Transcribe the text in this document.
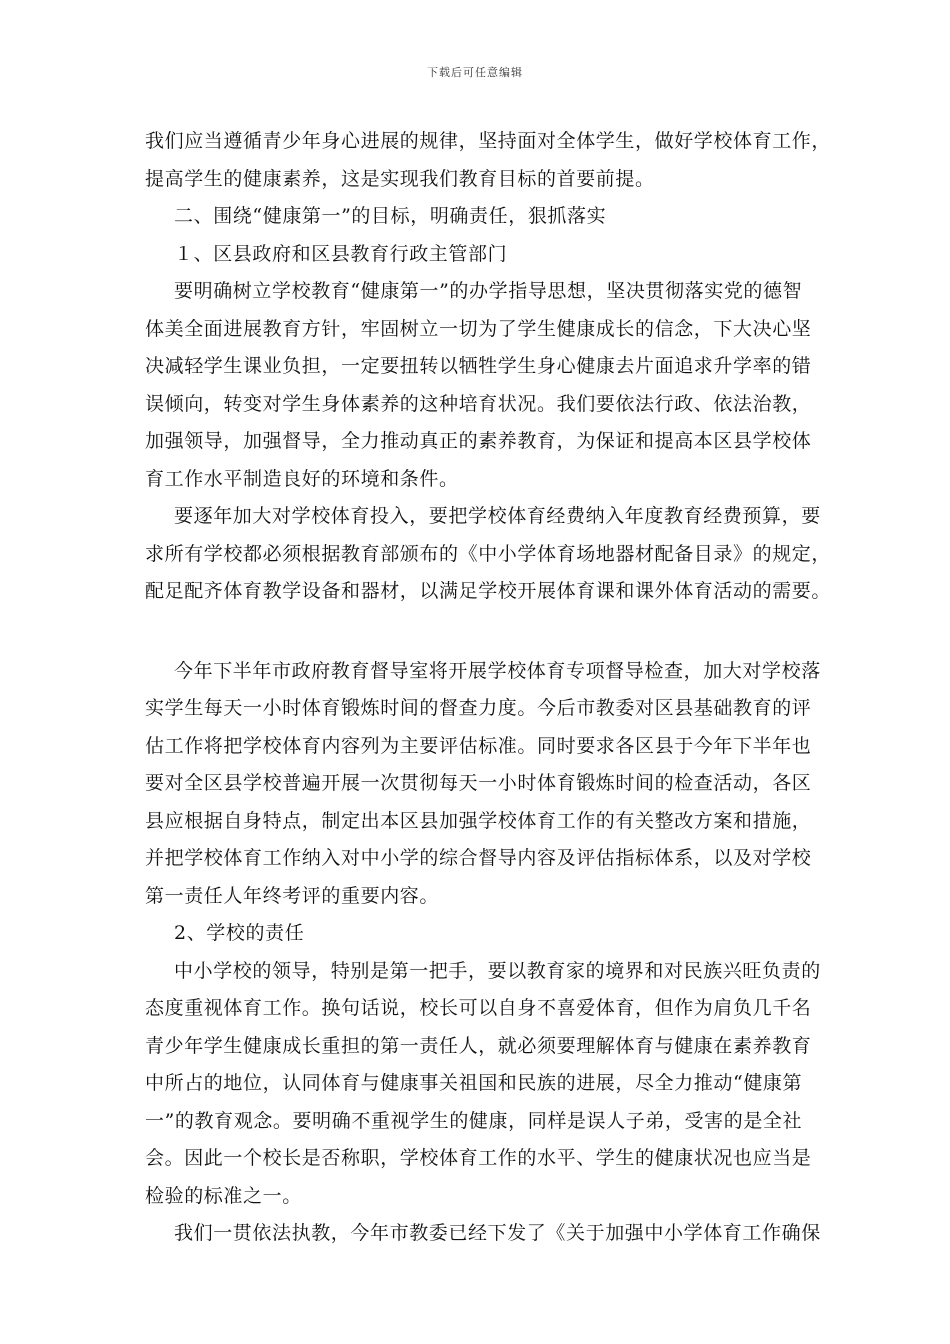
下载后可任意编辑
我们应当遵循青少年身心进展的规律，坚持面对全体学生，做好学校体育工作，
提高学生的健康素养，这是实现我们教育目标的首要前提。
二、围绕“健康第一”的目标，明确责任，狠抓落实
１、区县政府和区县教育行政主管部门
要明确树立学校教育“健康第一”的办学指导思想，坚决贯彻落实党的德智
体美全面进展教育方针，牢固树立一切为了学生健康成长的信念，下大决心坚
决减轻学生课业负担，一定要扭转以牺牲学生身心健康去片面追求升学率的错
误倾向，转变对学生身体素养的这种培育状况。我们要依法行政、依法治教，
加强领导，加强督导，全力推动真正的素养教育，为保证和提高本区县学校体
育工作水平制造良好的环境和条件。
要逐年加大对学校体育投入，要把学校体育经费纳入年度教育经费预算，要
求所有学校都必须根据教育部颁布的《中小学体育场地器材配备目录》的规定，
配足配齐体育教学设备和器材，以满足学校开展体育课和课外体育活动的需要。
今年下半年市政府教育督导室将开展学校体育专项督导检查，加大对学校落
实学生每天一小时体育锻炼时间的督查力度。今后市教委对区县基础教育的评
估工作将把学校体育内容列为主要评估标准。同时要求各区县于今年下半年也
要对全区县学校普遍开展一次贯彻每天一小时体育锻炼时间的检查活动，各区
县应根据自身特点，制定出本区县加强学校体育工作的有关整改方案和措施，
并把学校体育工作纳入对中小学的综合督导内容及评估指标体系，以及对学校
第一责任人年终考评的重要内容。
2、学校的责任
中小学校的领导，特别是第一把手，要以教育家的境界和对民族兴旺负责的
态度重视体育工作。换句话说，校长可以自身不喜爱体育，但作为肩负几千名
青少年学生健康成长重担的第一责任人，就必须要理解体育与健康在素养教育
中所占的地位，认同体育与健康事关祖国和民族的进展，尽全力推动“健康第
一”的教育观念。要明确不重视学生的健康，同样是误人子弟，受害的是全社
会。因此一个校长是否称职，学校体育工作的水平、学生的健康状况也应当是
检验的标准之一。
我们一贯依法执教，今年市教委已经下发了《关于加强中小学体育工作确保
